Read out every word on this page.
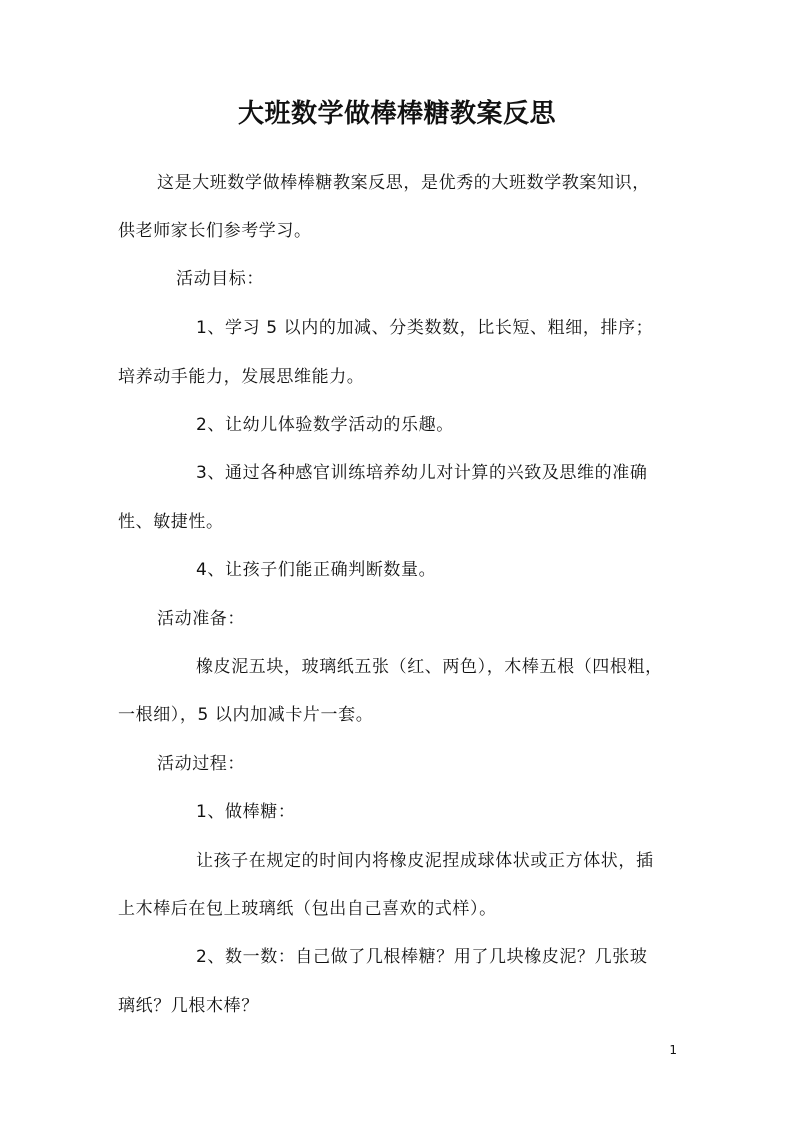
大班数学做棒棒糖教案反思
这是大班数学做棒棒糖教案反思，是优秀的大班数学教案知识，
供老师家长们参考学习。
活动目标：
1、学习 5 以内的加减、分类数数，比长短、粗细，排序；
培养动手能力，发展思维能力。
2、让幼儿体验数学活动的乐趣。
3、通过各种感官训练培养幼儿对计算的兴致及思维的准确
性、敏捷性。
4、让孩子们能正确判断数量。
活动准备：
橡皮泥五块，玻璃纸五张（红、两色），木棒五根（四根粗，
一根细），5 以内加减卡片一套。
活动过程：
1、做棒糖：
让孩子在规定的时间内将橡皮泥捏成球体状或正方体状，插
上木棒后在包上玻璃纸（包出自己喜欢的式样）。
2、数一数：自己做了几根棒糖？用了几块橡皮泥？几张玻
璃纸？几根木棒？
1
